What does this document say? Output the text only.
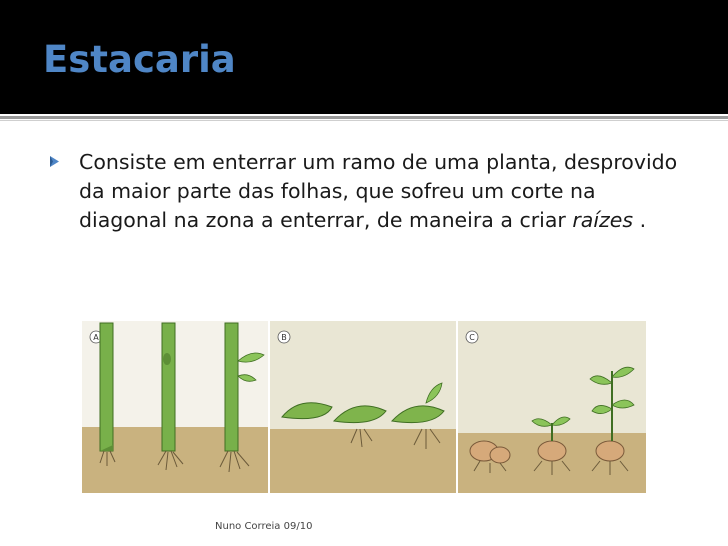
Estacaria

Consiste em enterrar um ramo de uma planta, desprovido da maior parte das folhas, que sofreu um corte na diagonal na zona a enterrar, de maneira a criar raízes .

A	B	C
Nuno Correia 09/10
